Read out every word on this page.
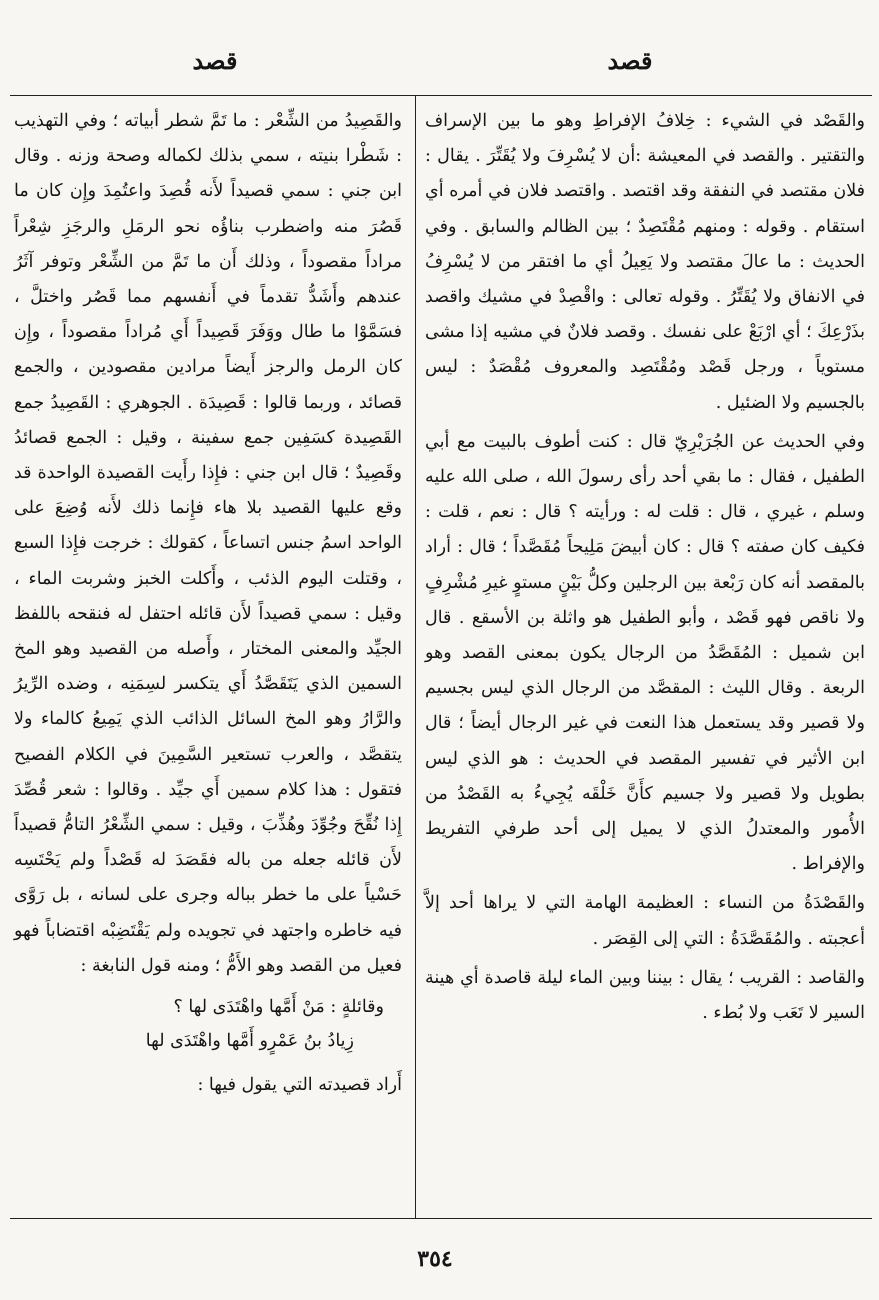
قصد	قصد

والقَصْد في الشيء : خِلافُ الإفراطِ وهو ما بين الإسراف والتقتير . والقصد في المعيشة :أن لا يُسْرِفَ ولا يُقَتِّرَ . يقال : فلان مقتصد في النفقة وقد اقتصد . واقتصد فلان في أمره أي استقام . وقوله : ومنهم مُقْتَصِدٌ ؛ بين الظالم والسابق . وفي الحديث : ما عالَ مقتصد ولا يَعِيلُ أي ما افتقر من لا يُسْرِفُ في الانفاق ولا يُقَتِّرُ . وقوله تعالى : واقْصِدْ في مشيك واقصد بذَرْعِكَ ؛ أي ارْبَعْ على نفسك . وقصد فلانٌ في مشيه إذا مشى مستوياً ، ورجل قَصْد ومُقْتَصِد والمعروف مُقْصَدٌ : ليس بالجسيم ولا الضئيل .

وفي الحديث عن الجُرَيْرِيّ قال : كنت أطوف بالبيت مع أبي الطفيل ، فقال : ما بقي أحد رأى رسولَ الله ، صلى الله عليه وسلم ، غيري ، قال : قلت له : ورأيته ؟ قال : نعم ، قلت : فكيف كان صفته ؟ قال : كان أبيضَ مَلِيحاً مُقَصَّداً ؛ قال : أراد بالمقصد أنه كان رَبْعة بين الرجلين وكلُّ بَيْنٍ مستوٍ غيرِ مُشْرِفٍ ولا ناقص فهو قَصْد ، وأبو الطفيل هو واثلة بن الأسقع . قال ابن شميل : المُقَصَّدُ من الرجال يكون بمعنى القصد وهو الربعة . وقال الليث : المقصَّد من الرجال الذي ليس بجسيم ولا قصير وقد يستعمل هذا النعت في غير الرجال أيضاً ؛ قال ابن الأثير في تفسير المقصد في الحديث : هو الذي ليس بطويل ولا قصير ولا جسيم كأَنَّ خَلْقَه يُجِيءُ به القَصْدُ من الأُمور والمعتدلُ الذي لا يميل إلى أحد طرفي التفريط والإفراط .

والقَصْدَةُ من النساء : العظيمة الهامة التي لا يراها أحد إلاَّ أعجبته . والمُقَصَّدَةُ : التي إلى القِصَر .

والقاصد : القريب ؛ يقال : بيننا وبين الماء ليلة قاصدة أي هينة السير لا تَعَب ولا بُطء .

والقَصِيدُ من الشِّعْر : ما تَمَّ شطر أبياته ؛ وفي التهذيب : شَطْرا بنيته ، سمي بذلك لكماله وصحة وزنه . وقال ابن جني : سمي قصيداً لأَنه قُصِدَ واعتُمِدَ وإِن كان ما قَصُرَ منه واضطرب بناؤُه نحو الرمَلِ والرجَزِ شِعْراً مراداً مقصوداً ، وذلك أَن ما تَمَّ من الشِّعْر وتوفر آثَرُ عندهم وأَشَدُّ تقدماً في أَنفسهم مما قَصُر واختلَّ ، فسَمَّوْا ما طال ووَفَرَ قَصِيداً أَي مُراداً مقصوداً ، وإِن كان الرمل والرجز أَيضاً مرادين مقصودين ، والجمع قصائد ، وربما قالوا : قَصِيدَة . الجوهري : القَصِيدُ جمع القَصِيدة كسَفِين جمع سفينة ، وقيل : الجمع قصائدُ وقَصِيدٌ ؛ قال ابن جني : فإِذا رأَيت القصيدة الواحدة قد وقع عليها القصيد بلا هاء فإِنما ذلك لأَنه وُضِعَ على الواحد اسمُ جنس اتساعاً ، كقولك : خرجت فإِذا السبع ، وقتلت اليوم الذئب ، وأَكلت الخبز وشربت الماء ، وقيل : سمي قصيداً لأَن قائله احتفل له فنقحه باللفظ الجيِّد والمعنى المختار ، وأَصله من القصيد وهو المخ السمين الذي يَتَقَصَّدُ أَي يتكسر لسِمَنِه ، وضده الرِّيرُ والرَّارُ وهو المخ السائل الذائب الذي يَمِيعُ كالماء ولا يتقصَّد ، والعرب تستعير السَّمِينَ في الكلام الفصيح فتقول : هذا كلام سمين أَي جيِّد . وقالوا : شعر قُصِّدَ إِذا نُقِّحَ وجُوِّدَ وهُذِّبَ ، وقيل : سمي الشِّعْرُ التامُّ قصيداً لأَن قائله جعله من باله فقَصَدَ له قَصْداً ولم يَحْتَسِه حَسْياً على ما خطر بباله وجرى على لسانه ، بل رَوَّى فيه خاطره واجتهد في تجويده ولم يَقْتَضِبْه اقتضاباً فهو فعيل من القصد وهو الأَمُّ ؛ ومنه قول النابغة :

وقائلةٍ : مَنْ أَمَّها واهْتَدَى لها ؟
زِيادُ بنُ عَمْرٍو أَمَّها واهْتَدَى لها

أَراد قصيدته التي يقول فيها :

٣٥٤
